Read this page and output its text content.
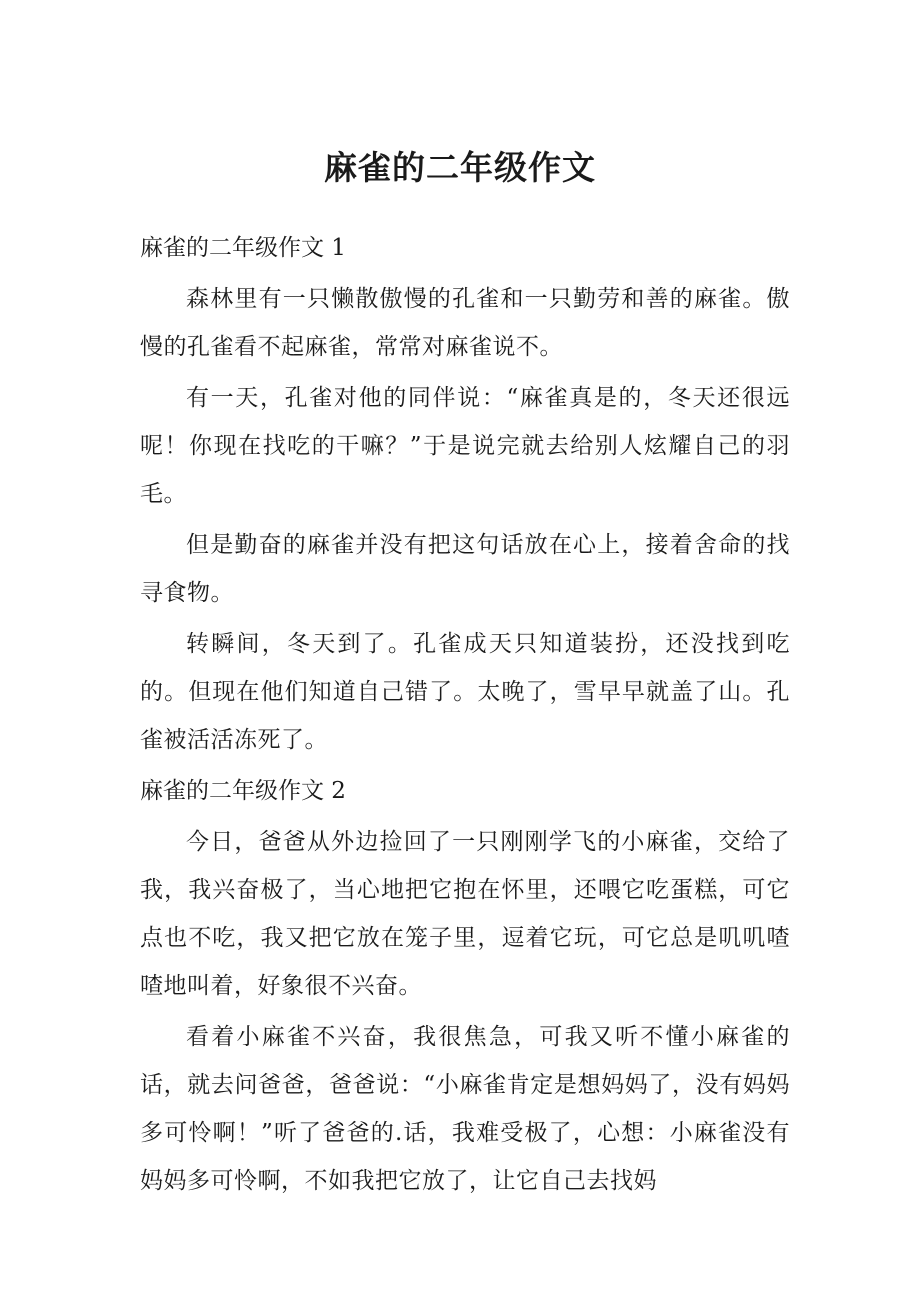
麻雀的二年级作文
麻雀的二年级作文 1

森林里有一只懒散傲慢的孔雀和一只勤劳和善的麻雀。傲慢的孔雀看不起麻雀，常常对麻雀说不。

有一天，孔雀对他的同伴说：“麻雀真是的，冬天还很远呢！你现在找吃的干嘛？”于是说完就去给别人炫耀自己的羽毛。

但是勤奋的麻雀并没有把这句话放在心上，接着舍命的找寻食物。

转瞬间，冬天到了。孔雀成天只知道装扮，还没找到吃的。但现在他们知道自己错了。太晚了，雪早早就盖了山。孔雀被活活冻死了。

麻雀的二年级作文 2

今日，爸爸从外边捡回了一只刚刚学飞的小麻雀，交给了我，我兴奋极了，当心地把它抱在怀里，还喂它吃蛋糕，可它点也不吃，我又把它放在笼子里，逗着它玩，可它总是叽叽喳喳地叫着，好象很不兴奋。

看着小麻雀不兴奋，我很焦急，可我又听不懂小麻雀的话，就去问爸爸，爸爸说：“小麻雀肯定是想妈妈了，没有妈妈多可怜啊！”听了爸爸的.话，我难受极了，心想：小麻雀没有妈妈多可怜啊，不如我把它放了，让它自己去找妈
